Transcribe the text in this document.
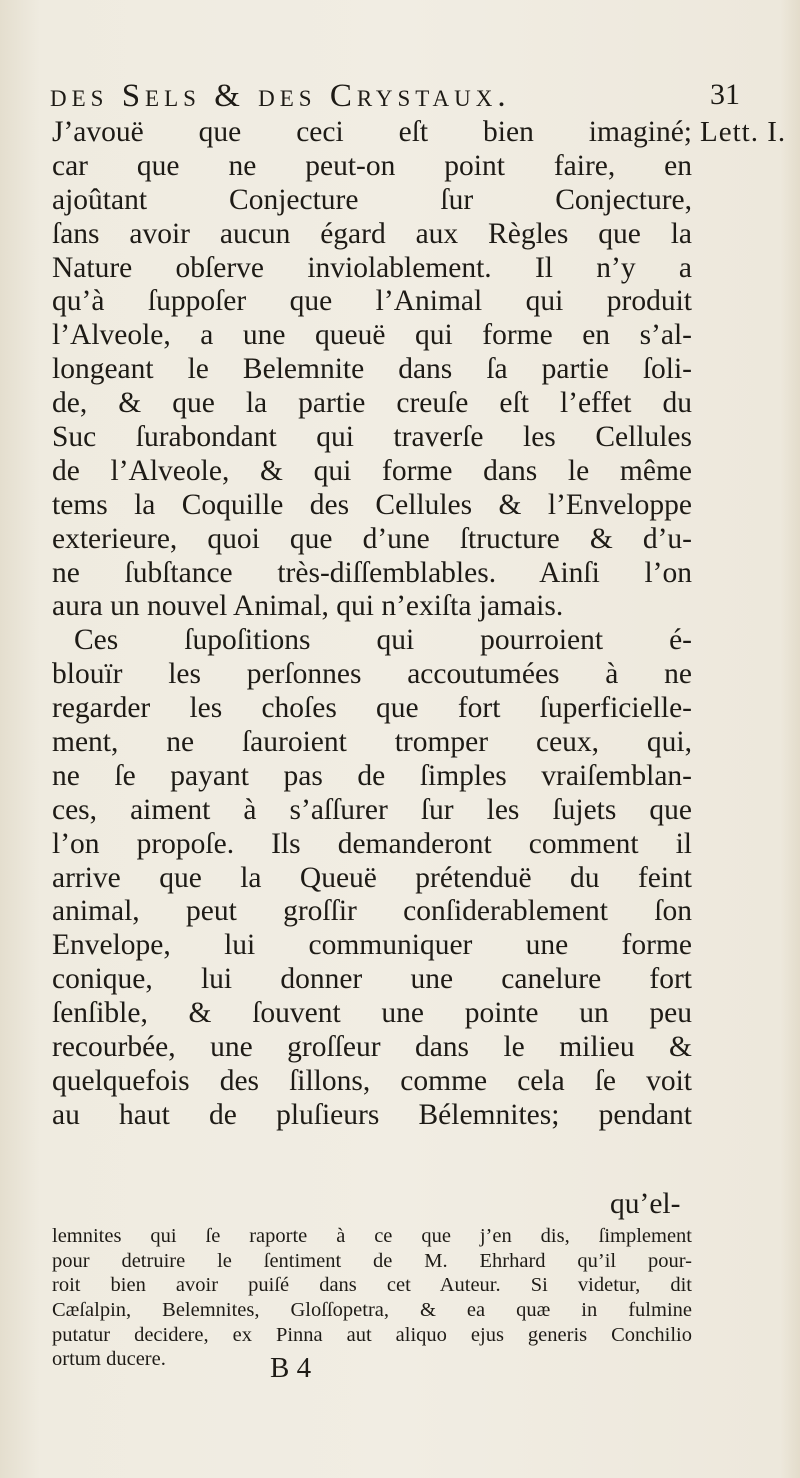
des Sels & des Crystaux.	31
Lett. I.
J’avouë que ceci eſt bien imaginé;
car que ne peut-on point faire, en
ajoûtant Conjecture ſur Conjecture,
ſans avoir aucun égard aux Règles que la
Nature obſerve inviolablement. Il n’y a
qu’à ſuppoſer que l’Animal qui produit
l’Alveole, a une queuë qui forme en s’al-
longeant le Belemnite dans ſa partie ſoli-
de, & que la partie creuſe eſt l’effet du
Suc ſurabondant qui traverſe les Cellules
de l’Alveole, & qui forme dans le même
tems la Coquille des Cellules & l’Enveloppe
exterieure, quoi que d’une ſtructure & d’u-
ne ſubſtance très-diſſemblables. Ainſi l’on
aura un nouvel Animal, qui n’exiſta jamais.
Ces ſupoſitions qui pourroient é-
blouïr les perſonnes accoutumées à ne
regarder les choſes que fort ſuperficielle-
ment, ne ſauroient tromper ceux, qui,
ne ſe payant pas de ſimples vraiſemblan-
ces, aiment à s’aſſurer ſur les ſujets que
l’on propoſe. Ils demanderont comment il
arrive que la Queuë prétenduë du feint
animal, peut groſſir conſiderablement ſon
Envelope, lui communiquer une forme
conique, lui donner une canelure fort
ſenſible, & ſouvent une pointe un peu
recourbée, une groſſeur dans le milieu &
quelquefois des ſillons, comme cela ſe voit
au haut de pluſieurs Bélemnites; pendant
qu’el-
lemnites qui ſe raporte à ce que j’en dis, ſimplement
pour detruire le ſentiment de M. Ehrhard qu’il pour-
roit bien avoir puiſé dans cet Auteur. Si videtur, dit
Cæſalpin, Belemnites, Gloſſopetra, & ea quæ in fulmine
putatur decidere, ex Pinna aut aliquo ejus generis Conchilio
ortum ducere.	B 4
